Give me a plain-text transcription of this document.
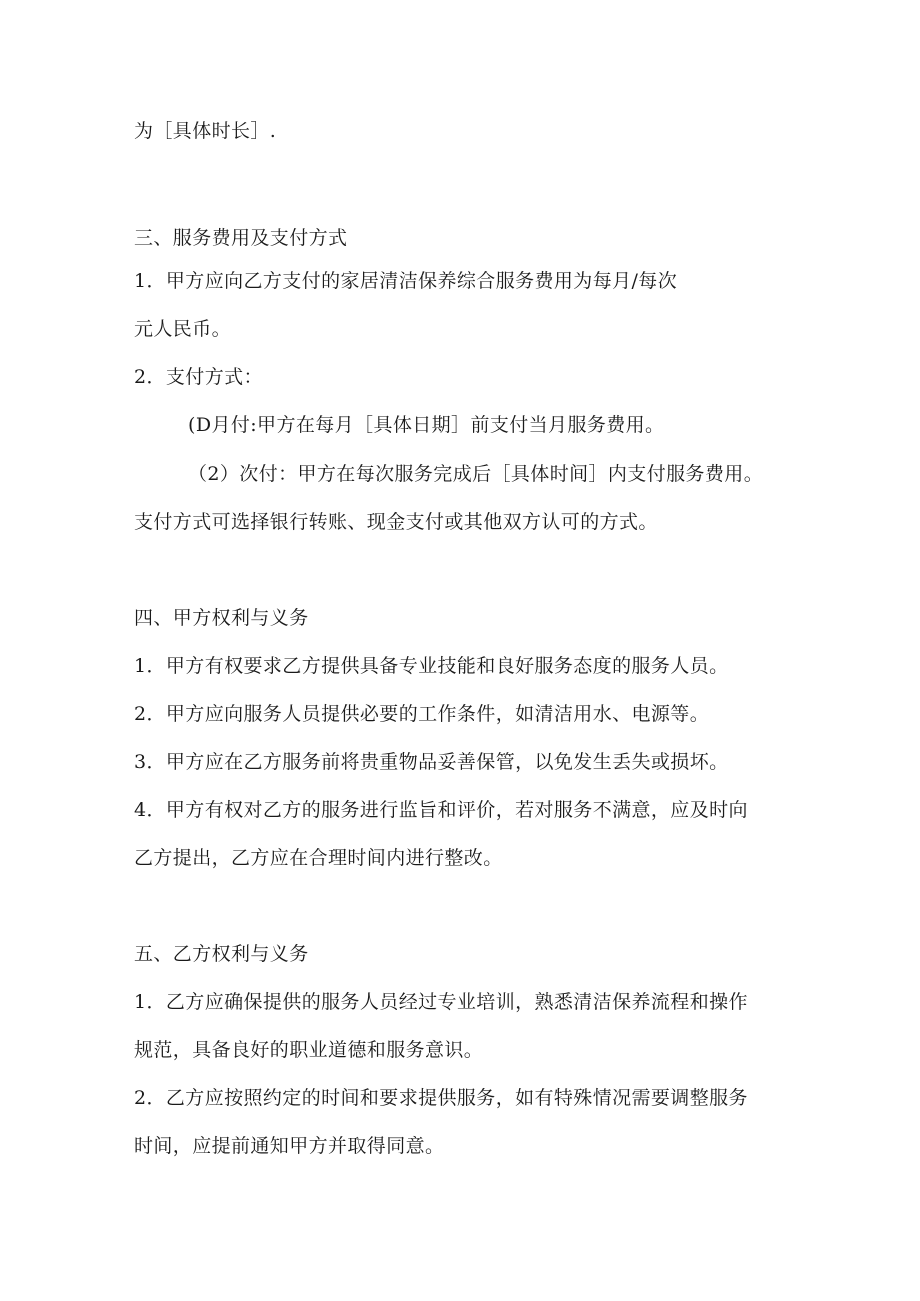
为［具体时长］.
三、服务费用及支付方式
1．甲方应向乙方支付的家居清洁保养综合服务费用为每月/每次
元人民币。
2．支付方式：
(D月付:甲方在每月［具体日期］前支付当月服务费用。
（2）次付：甲方在每次服务完成后［具体时间］内支付服务费用。
支付方式可选择银行转账、现金支付或其他双方认可的方式。
四、甲方权利与义务
1．甲方有权要求乙方提供具备专业技能和良好服务态度的服务人员。
2．甲方应向服务人员提供必要的工作条件，如清洁用水、电源等。
3．甲方应在乙方服务前将贵重物品妥善保管，以免发生丢失或损坏。
4．甲方有权对乙方的服务进行监旨和评价，若对服务不满意，应及时向
乙方提出，乙方应在合理时间内进行整改。
五、乙方权利与义务
1．乙方应确保提供的服务人员经过专业培训，熟悉清洁保养流程和操作
规范，具备良好的职业道德和服务意识。
2．乙方应按照约定的时间和要求提供服务，如有特殊情况需要调整服务
时间，应提前通知甲方并取得同意。
